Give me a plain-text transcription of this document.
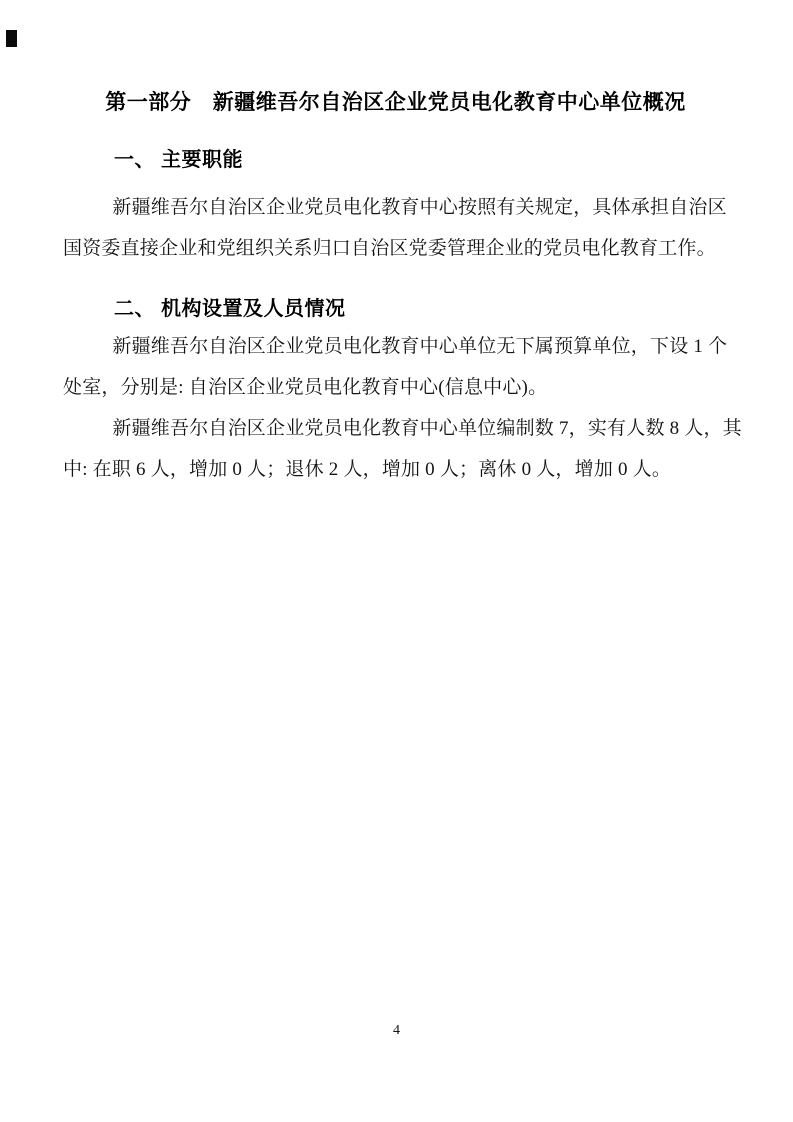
第一部分　新疆维吾尔自治区企业党员电化教育中心单位概况
一、 主要职能

新疆维吾尔自治区企业党员电化教育中心按照有关规定，具体承担自治区
国资委直接企业和党组织关系归口自治区党委管理企业的党员电化教育工作。

二、 机构设置及人员情况

新疆维吾尔自治区企业党员电化教育中心单位无下属预算单位，下设 1 个
处室，分别是: 自治区企业党员电化教育中心(信息中心)。

新疆维吾尔自治区企业党员电化教育中心单位编制数 7，实有人数 8 人，其
中: 在职 6 人，增加 0 人；退休 2 人，增加 0 人；离休 0 人，增加 0 人。

4
